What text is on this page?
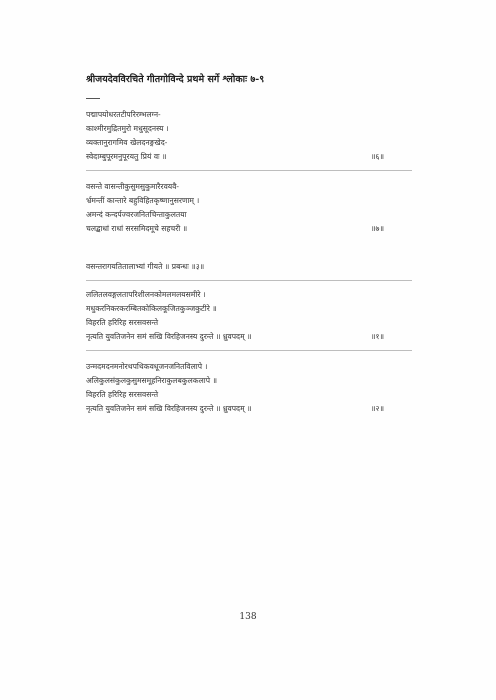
श्रीजयदेवविरचिते गीतगोविन्दे प्रथमे सर्गे श्लोकाः ७-९
पद्मापयोधरतटीपरिरम्भलग्न-
काश्मीरमुद्रितमुरो मधुसूदनस्य ।
व्यक्तानुरागमिव खेलदनङ्गखेद-
स्वेदाम्बुपूरमनुपूरयतु प्रियं वः ॥	॥६॥
वसन्ते वासन्तीकुसुमसुकुमारैरवयवै-
र्भ्रमन्तीं कान्तारे बहुविहितकृष्णानुसरणाम् ।
अमन्दं कन्दर्पज्वरजनितचिन्ताकुलतया
चलद्बाधां राधां सरसमिदमूचे सहचरी ॥	॥७॥
वसन्तरागयतितालाभ्यां गीयते ॥ प्रबन्धः ॥३॥
ललितलवङ्गलतापरिशीलनकोमलमलयसमीरे ।
मधुकरनिकरकरम्बितकोकिलकूजितकुञ्जकुटीरे ॥
विहरति हरिरिह सरसवसन्ते
नृत्यति युवतिजनेन समं सखि विरहिजनस्य दुरन्ते ॥ ध्रुवपदम् ॥	॥१॥
उन्मदमदनमनोरथपथिकवधूजनजनितविलापे ।
अलिकुलसंकुलकुसुमसमूहनिराकुलबकुलकलापे ॥
विहरति हरिरिह सरसवसन्ते
नृत्यति युवतिजनेन समं सखि विरहिजनस्य दुरन्ते ॥ ध्रुवपदम् ॥	॥२॥
138
